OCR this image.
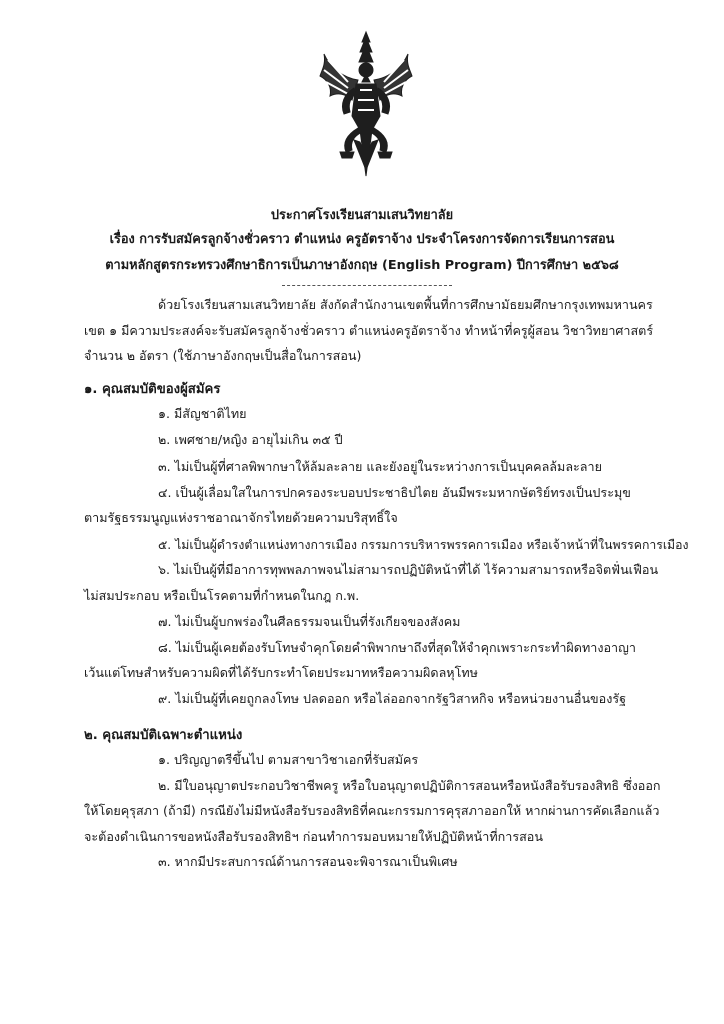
ประกาศโรงเรียนสามเสนวิทยาลัย
เรื่อง การรับสมัครลูกจ้างชั่วคราว ตำแหน่ง ครูอัตราจ้าง ประจำโครงการจัดการเรียนการสอน
ตามหลักสูตรกระทรวงศึกษาธิการเป็นภาษาอังกฤษ (English Program) ปีการศึกษา ๒๕๖๘
ด้วยโรงเรียนสามเสนวิทยาลัย สังกัดสำนักงานเขตพื้นที่การศึกษามัธยมศึกษากรุงเทพมหานคร
เขต ๑ มีความประสงค์จะรับสมัครลูกจ้างชั่วคราว ตำแหน่งครูอัตราจ้าง ทำหน้าที่ครูผู้สอน วิชาวิทยาศาสตร์
จำนวน ๒ อัตรา (ใช้ภาษาอังกฤษเป็นสื่อในการสอน)
๑. คุณสมบัติของผู้สมัคร
๑. มีสัญชาติไทย
๒. เพศชาย/หญิง อายุไม่เกิน ๓๕ ปี
๓. ไม่เป็นผู้ที่ศาลพิพากษาให้ล้มละลาย และยังอยู่ในระหว่างการเป็นบุคคลล้มละลาย
๔. เป็นผู้เลื่อมใสในการปกครองระบอบประชาธิปไตย อันมีพระมหากษัตริย์ทรงเป็นประมุข
ตามรัฐธรรมนูญแห่งราชอาณาจักรไทยด้วยความบริสุทธิ์ใจ
๕. ไม่เป็นผู้ดำรงตำแหน่งทางการเมือง กรรมการบริหารพรรคการเมือง หรือเจ้าหน้าที่ในพรรคการเมือง
๖. ไม่เป็นผู้ที่มีอาการทุพพลภาพจนไม่สามารถปฏิบัติหน้าที่ได้ ไร้ความสามารถหรือจิตฟั่นเฟือน
ไม่สมประกอบ หรือเป็นโรคตามที่กำหนดในกฎ ก.พ.
๗. ไม่เป็นผู้บกพร่องในศีลธรรมจนเป็นที่รังเกียจของสังคม
๘. ไม่เป็นผู้เคยต้องรับโทษจำคุกโดยคำพิพากษาถึงที่สุดให้จำคุกเพราะกระทำผิดทางอาญา
เว้นแต่โทษสำหรับความผิดที่ได้รับกระทำโดยประมาทหรือความผิดลหุโทษ
๙. ไม่เป็นผู้ที่เคยถูกลงโทษ ปลดออก หรือไล่ออกจากรัฐวิสาหกิจ หรือหน่วยงานอื่นของรัฐ
๒. คุณสมบัติเฉพาะตำแหน่ง
๑. ปริญญาตรีขึ้นไป ตามสาขาวิชาเอกที่รับสมัคร
๒. มีใบอนุญาตประกอบวิชาชีพครู หรือใบอนุญาตปฏิบัติการสอนหรือหนังสือรับรองสิทธิ ซึ่งออก
ให้โดยคุรุสภา (ถ้ามี) กรณียังไม่มีหนังสือรับรองสิทธิที่คณะกรรมการคุรุสภาออกให้ หากผ่านการคัดเลือกแล้ว
จะต้องดำเนินการขอหนังสือรับรองสิทธิฯ ก่อนทำการมอบหมายให้ปฏิบัติหน้าที่การสอน
๓. หากมีประสบการณ์ด้านการสอนจะพิจารณาเป็นพิเศษ
